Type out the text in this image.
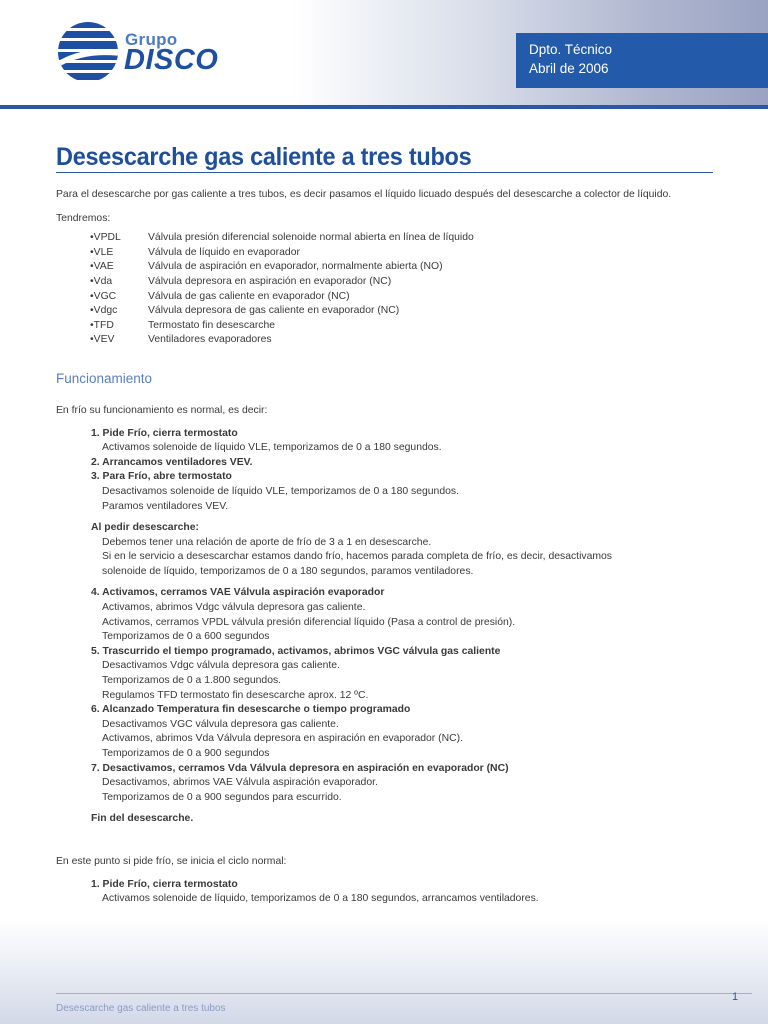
Grupo
DISCO	Dpto. Técnico
Abril de 2006
Desescarche gas caliente a tres tubos

Para el desescarche por gas caliente a tres tubos, es decir pasamos el líquido licuado después del desescarche a colector de líquido.

Tendremos:

•VPDL	Válvula presión diferencial solenoide normal abierta en línea de líquido
•VLE	Válvula de líquido en evaporador
•VAE	Válvula de aspiración en evaporador, normalmente abierta (NO)
•Vda	Válvula depresora en aspiración en evaporador (NC)
•VGC	Válvula de gas caliente en evaporador (NC)
•Vdgc	Válvula depresora de gas caliente en evaporador (NC)
•TFD	Termostato fin desescarche
•VEV	Ventiladores evaporadores
Funcionamiento

En frío su funcionamiento es normal, es decir:

1. Pide Frío, cierra termostato
Activamos solenoide de líquido VLE, temporizamos de 0 a 180 segundos.
2. Arrancamos ventiladores VEV.
3. Para Frío, abre termostato
Desactivamos solenoide de líquido VLE, temporizamos de 0 a 180 segundos.
Paramos ventiladores VEV.
Al pedir desescarche:
Debemos tener una relación de aporte de frío de 3 a 1 en desescarche.
Si en le servicio a desescarchar estamos dando frío, hacemos parada completa de frío, es decir, desactivamos
solenoide de líquido, temporizamos de 0 a 180 segundos, paramos ventiladores.
4. Activamos, cerramos VAE Válvula aspiración evaporador
Activamos, abrimos Vdgc válvula depresora gas caliente.
Activamos, cerramos VPDL válvula presión diferencial líquido (Pasa a control de presión).
Temporizamos de 0 a 600 segundos
5. Trascurrido el tiempo programado, activamos, abrimos VGC válvula gas caliente
Desactivamos Vdgc válvula depresora gas caliente.
Temporizamos de 0 a 1.800 segundos.
Regulamos TFD termostato fin desescarche aprox. 12 ºC.
6. Alcanzado Temperatura fin desescarche o tiempo programado
Desactivamos VGC válvula depresora gas caliente.
Activamos, abrimos Vda Válvula depresora en aspiración en evaporador (NC).
Temporizamos de 0 a 900 segundos
7. Desactivamos, cerramos Vda Válvula depresora en aspiración en evaporador (NC)
Desactivamos, abrimos VAE Válvula aspiración evaporador.
Temporizamos de 0 a 900 segundos para escurrido.
Fin del desescarche.

En este punto si pide frío, se inicia el ciclo normal:

1. Pide Frío, cierra termostato
Activamos solenoide de líquido, temporizamos de 0 a 180 segundos, arrancamos ventiladores.
Desescarche gas caliente a tres tubos
1
